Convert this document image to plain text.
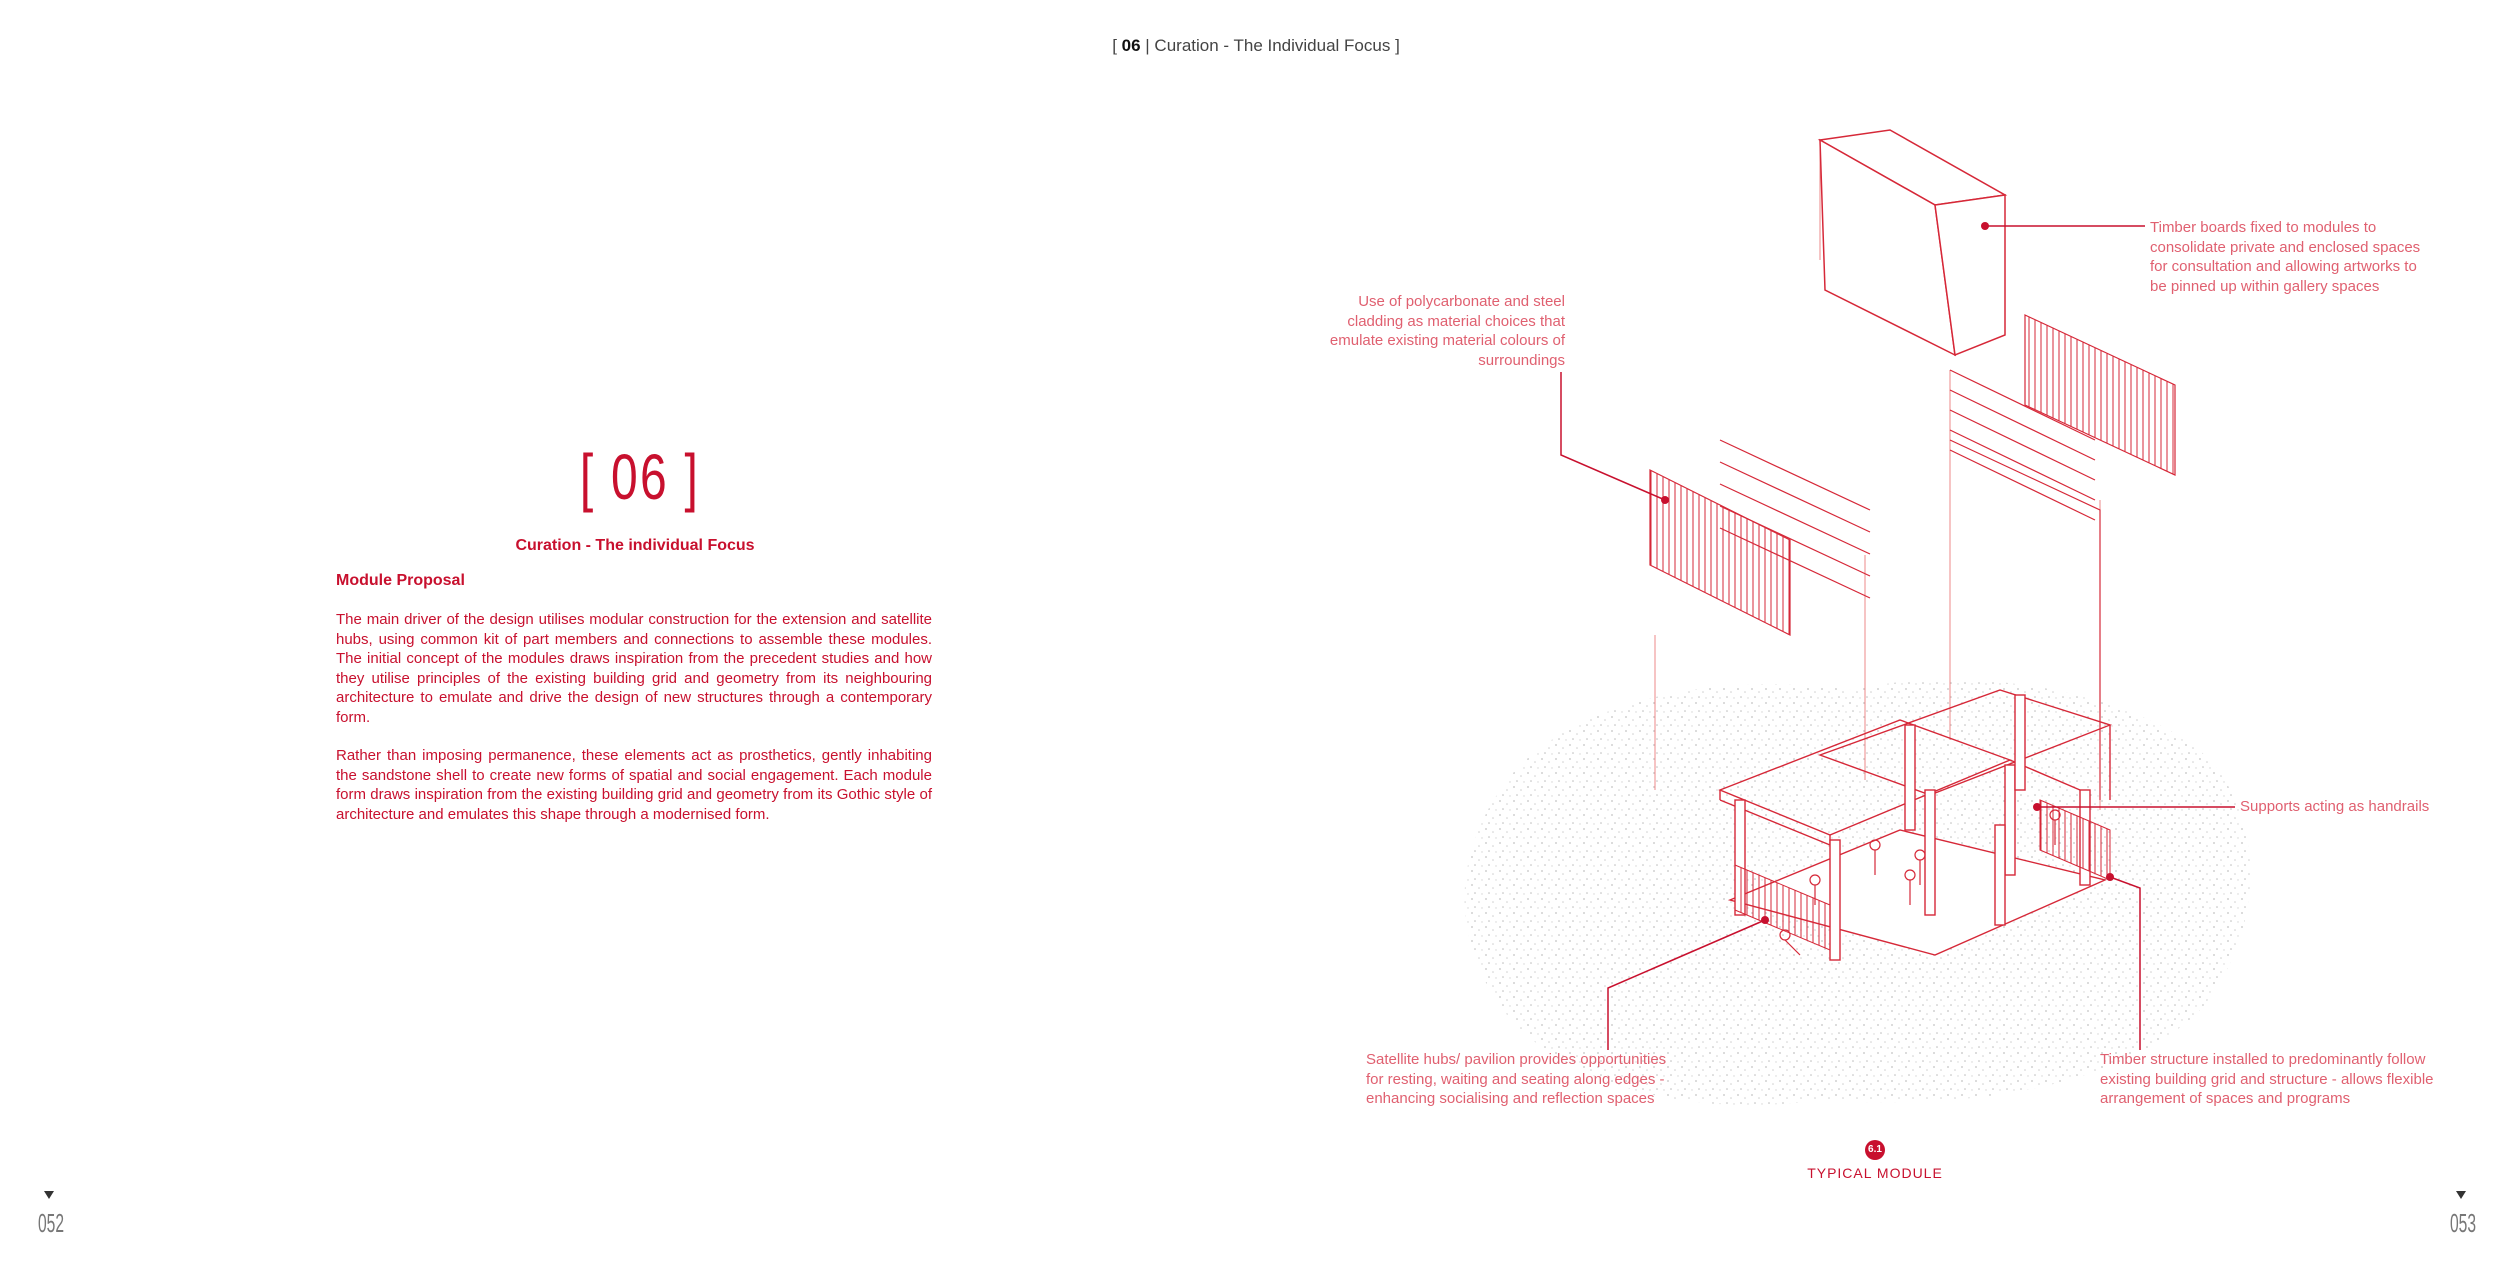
[ 06 | Curation - The Individual Focus ]
[ 06 ]
Curation - The individual Focus
Module Proposal
The main driver of the design utilises modular construction for the extension and satellite hubs, using common kit of part members and connections to assemble these modules. The initial concept of the modules draws inspiration from the precedent studies and how they utilise principles of the existing building grid and geometry from its neighbouring architecture to emulate and drive the design of new structures through a contemporary form.
Rather than imposing permanence, these elements act as prosthetics, gently inhabiting the sandstone shell to create new forms of spatial and social engagement. Each module form draws inspiration from the existing building grid and geometry from its Gothic style of architecture and emulates this shape through a modernised form.
052	053
Timber boards fixed to modules to
consolidate private and enclosed spaces
for consultation and allowing artworks to
be pinned up within gallery spaces
Use of polycarbonate and steel
cladding as material choices that
emulate existing material colours of
surroundings
Supports acting as handrails
Satellite hubs/ pavilion provides opportunities
for resting, waiting and seating along edges -
enhancing socialising and reflection spaces
Timber structure installed to predominantly follow
existing building grid and structure - allows flexible
arrangement of spaces and programs
6.1
TYPICAL MODULE
